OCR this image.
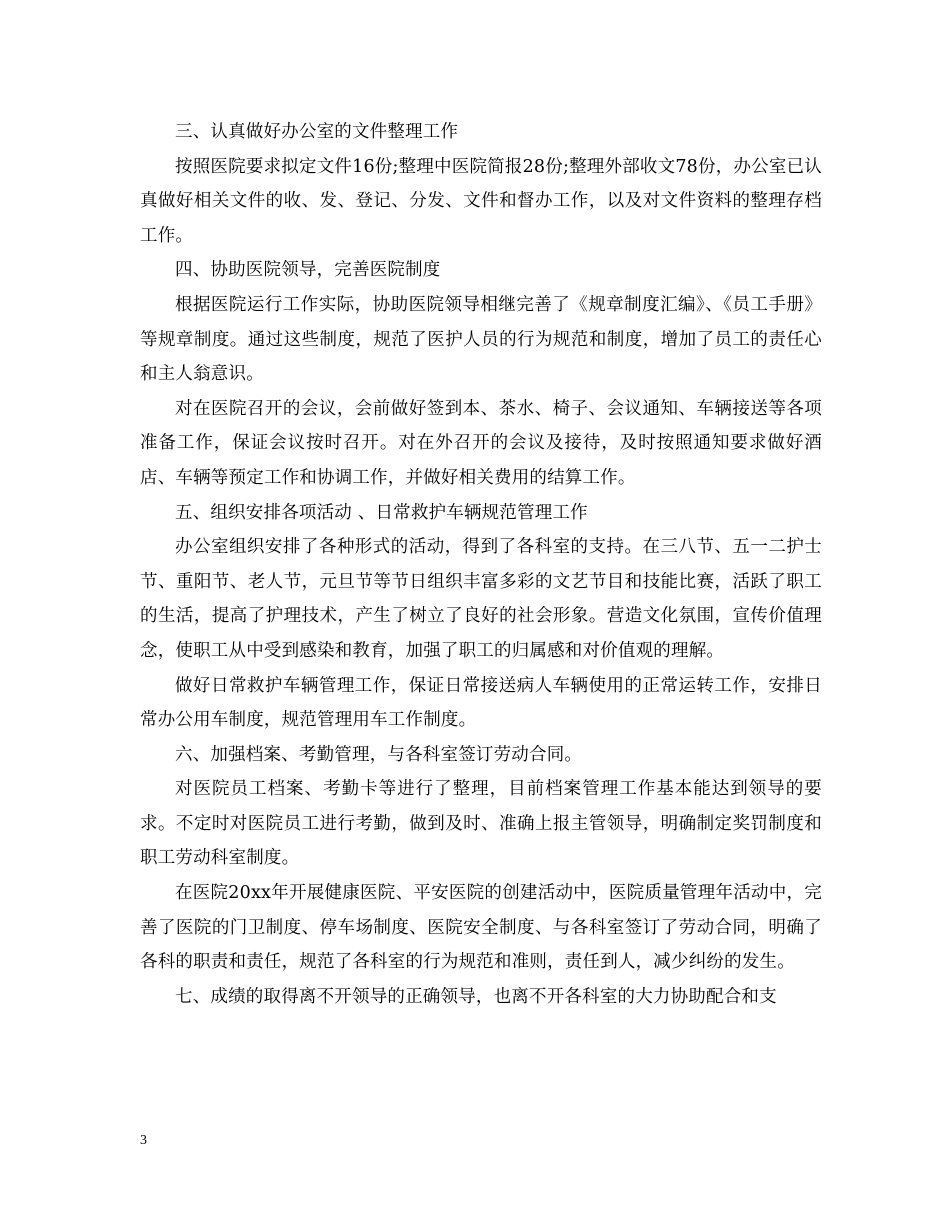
三、认真做好办公室的文件整理工作

按照医院要求拟定文件16份;整理中医院简报28份;整理外部收文78份，办公室已认真做好相关文件的收、发、登记、分发、文件和督办工作，以及对文件资料的整理存档工作。

四、协助医院领导，完善医院制度

根据医院运行工作实际，协助医院领导相继完善了《规章制度汇编》、《员工手册》等规章制度。通过这些制度，规范了医护人员的行为规范和制度，增加了员工的责任心和主人翁意识。

对在医院召开的会议，会前做好签到本、茶水、椅子、会议通知、车辆接送等各项准备工作，保证会议按时召开。对在外召开的会议及接待，及时按照通知要求做好酒店、车辆等预定工作和协调工作，并做好相关费用的结算工作。

五、组织安排各项活动 、日常救护车辆规范管理工作

办公室组织安排了各种形式的活动，得到了各科室的支持。在三八节、五一二护士节、重阳节、老人节，元旦节等节日组织丰富多彩的文艺节目和技能比赛，活跃了职工的生活，提高了护理技术，产生了树立了良好的社会形象。营造文化氛围，宣传价值理念，使职工从中受到感染和教育，加强了职工的归属感和对价值观的理解。

做好日常救护车辆管理工作，保证日常接送病人车辆使用的正常运转工作，安排日常办公用车制度，规范管理用车工作制度。

六、加强档案、考勤管理，与各科室签订劳动合同。

对医院员工档案、考勤卡等进行了整理，目前档案管理工作基本能达到领导的要求。不定时对医院员工进行考勤，做到及时、准确上报主管领导，明确制定奖罚制度和职工劳动科室制度。

在医院20xx年开展健康医院、平安医院的创建活动中，医院质量管理年活动中，完善了医院的门卫制度、停车场制度、医院安全制度、与各科室签订了劳动合同，明确了各科的职责和责任，规范了各科室的行为规范和准则，责任到人，减少纠纷的发生。

七、成绩的取得离不开领导的正确领导，也离不开各科室的大力协助配合和支

3
